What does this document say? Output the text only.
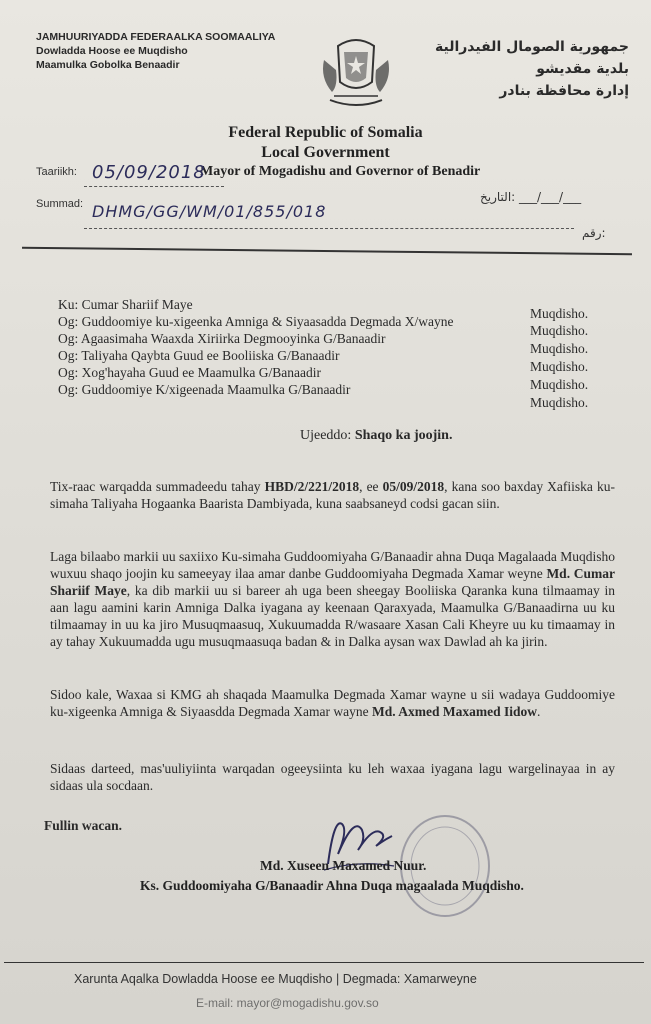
JAMHUURIYADDA FEDERAALKA SOOMAALIYA
Dowladda Hoose ee Muqdisho
Maamulka Gobolka Benaadir
جمهورية الصومال الفيدرالية
بلدية مقديشو
إدارة محافظة بنادر
Federal Republic of Somalia
Local Government
Mayor of Mogadishu and Governor of Benadir
Taariikh: 05/09/2018
Summad: DHMG/GG/WM/01/855/018
التاريخ: ___/___/___
رقم:
Ku: Cumar Shariif Maye
Og: Guddoomiye ku-xigeenka Amniga & Siyaasadda Degmada X/wayne
Og: Agaasimaha Waaxda Xiriirka Degmooyinka G/Banaadir
Og: Taliyaha Qaybta Guud ee Booliiska G/Banaadir
Og: Xog'hayaha Guud ee Maamulka G/Banaadir
Og: Guddoomiye K/xigeenada Maamulka G/Banaadir
Muqdisho.
Muqdisho.
Muqdisho.
Muqdisho.
Muqdisho.
Muqdisho.
Ujeeddo: Shaqo ka joojin.
Tix-raac warqadda summadeedu tahay HBD/2/221/2018, ee 05/09/2018, kana soo baxday Xafiiska ku-simaha Taliyaha Hogaanka Baarista Dambiyada, kuna saabsaneyd codsi gacan siin.
Laga bilaabo markii uu saxiixo Ku-simaha Guddoomiyaha G/Banaadir ahna Duqa Magalaada Muqdisho wuxuu shaqo joojin ku sameeyay ilaa amar danbe Guddoomiyaha Degmada Xamar weyne Md. Cumar Shariif Maye, ka dib markii uu si bareer ah uga been sheegay Booliiska Qaranka kuna tilmaamay in aan lagu aamini karin Amniga Dalka iyagana ay keenaan Qaraxyada, Maamulka G/Banaadirna uu ku tilmaamay in uu ka jiro Musuqmaasuq, Xukuumadda R/wasaare Xasan Cali Kheyre uu ku timaamay in ay tahay Xukuumadda ugu musuqmaasuqa badan & in Dalka aysan wax Dawlad ah ka jirin.
Sidoo kale, Waxaa si KMG ah shaqada Maamulka Degmada Xamar wayne u sii wadaya Guddoomiye ku-xigeenka Amniga & Siyaasdda Degmada Xamar wayne Md. Axmed Maxamed Iidow.
Sidaas darteed, mas'uuliyiinta warqadan ogeeysiinta ku leh waxaa iyagana lagu wargelinayaa in ay sidaas ula socdaan.
Fullin wacan.
Md. Xuseen Maxamed Nuur.
Ks. Guddoomiyaha G/Banaadir Ahna Duqa magaalada Muqdisho.
Xarunta Aqalka Dowladda Hoose ee Muqdisho | Degmada: Xamarweyne
E-mail: mayor@mogadishu.gov.so
